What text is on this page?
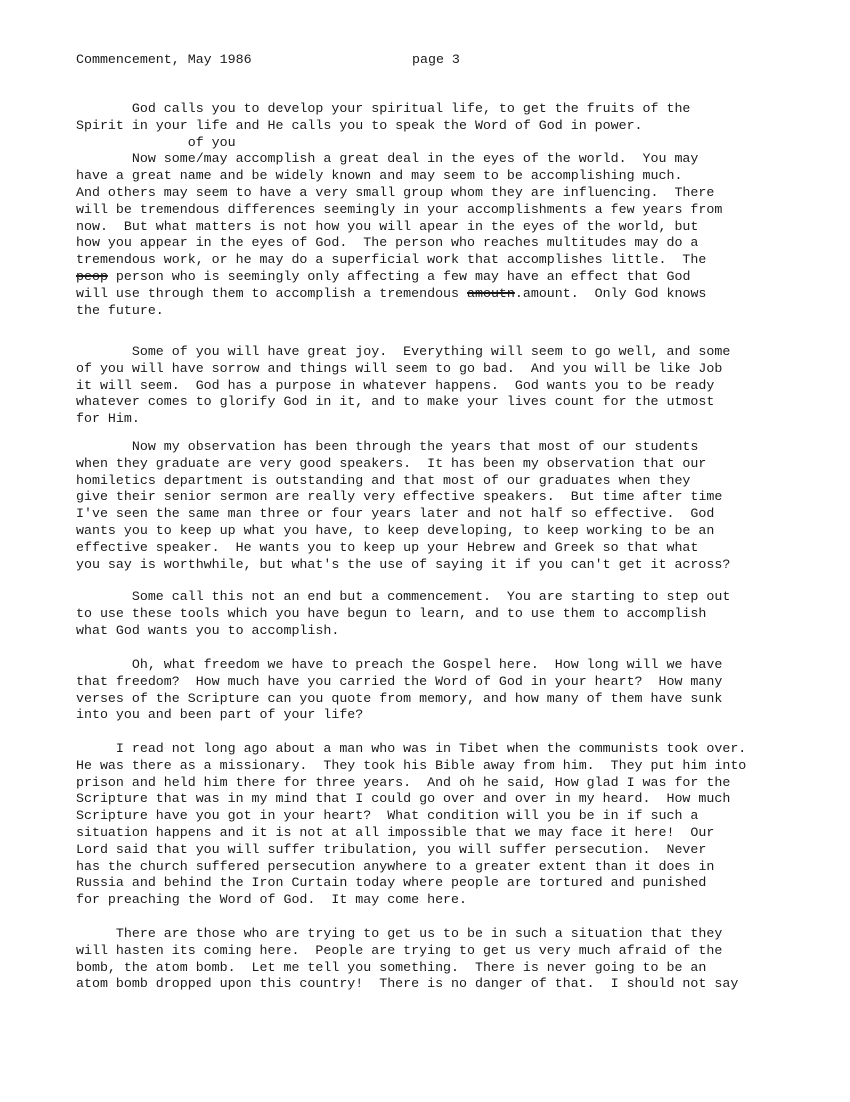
Commencement, May 1986	page 3
God calls you to develop your spiritual life, to get the fruits of the
Spirit in your life and He calls you to speak the Word of God in power.
of you
Now some/may accomplish a great deal in the eyes of the world.  You may
have a great name and be widely known and may seem to be accomplishing much.
And others may seem to have a very small group whom they are influencing.  There
will be tremendous differences seemingly in your accomplishments a few years from
now.  But what matters is not how you will apear in the eyes of the world, but
how you appear in the eyes of God.  The person who reaches multitudes may do a
tremendous work, or he may do a superficial work that accomplishes little.  The
peop person who is seemingly only affecting a few may have an effect that God
will use through them to accomplish a tremendous amoutn.amount.  Only God knows
the future.
Some of you will have great joy.  Everything will seem to go well, and some
of you will have sorrow and things will seem to go bad.  And you will be like Job
it will seem.  God has a purpose in whatever happens.  God wants you to be ready
whatever comes to glorify God in it, and to make your lives count for the utmost
for Him.
Now my observation has been through the years that most of our students
when they graduate are very good speakers.  It has been my observation that our
homiletics department is outstanding and that most of our graduates when they
give their senior sermon are really very effective speakers.  But time after time
I've seen the same man three or four years later and not half so effective.  God
wants you to keep up what you have, to keep developing, to keep working to be an
effective speaker.  He wants you to keep up your Hebrew and Greek so that what
you say is worthwhile, but what's the use of saying it if you can't get it across?
Some call this not an end but a commencement.  You are starting to step out
to use these tools which you have begun to learn, and to use them to accomplish
what God wants you to accomplish.
Oh, what freedom we have to preach the Gospel here.  How long will we have
that freedom?  How much have you carried the Word of God in your heart?  How many
verses of the Scripture can you quote from memory, and how many of them have sunk
into you and been part of your life?
I read not long ago about a man who was in Tibet when the communists took over.
He was there as a missionary.  They took his Bible away from him.  They put him into
prison and held him there for three years.  And oh he said, How glad I was for the
Scripture that was in my mind that I could go over and over in my heard.  How much
Scripture have you got in your heart?  What condition will you be in if such a
situation happens and it is not at all impossible that we may face it here!  Our
Lord said that you will suffer tribulation, you will suffer persecution.  Never
has the church suffered persecution anywhere to a greater extent than it does in
Russia and behind the Iron Curtain today where people are tortured and punished
for preaching the Word of God.  It may come here.
There are those who are trying to get us to be in such a situation that they
will hasten its coming here.  People are trying to get us very much afraid of the
bomb, the atom bomb.  Let me tell you something.  There is never going to be an
atom bomb dropped upon this country!  There is no danger of that.  I should not say
